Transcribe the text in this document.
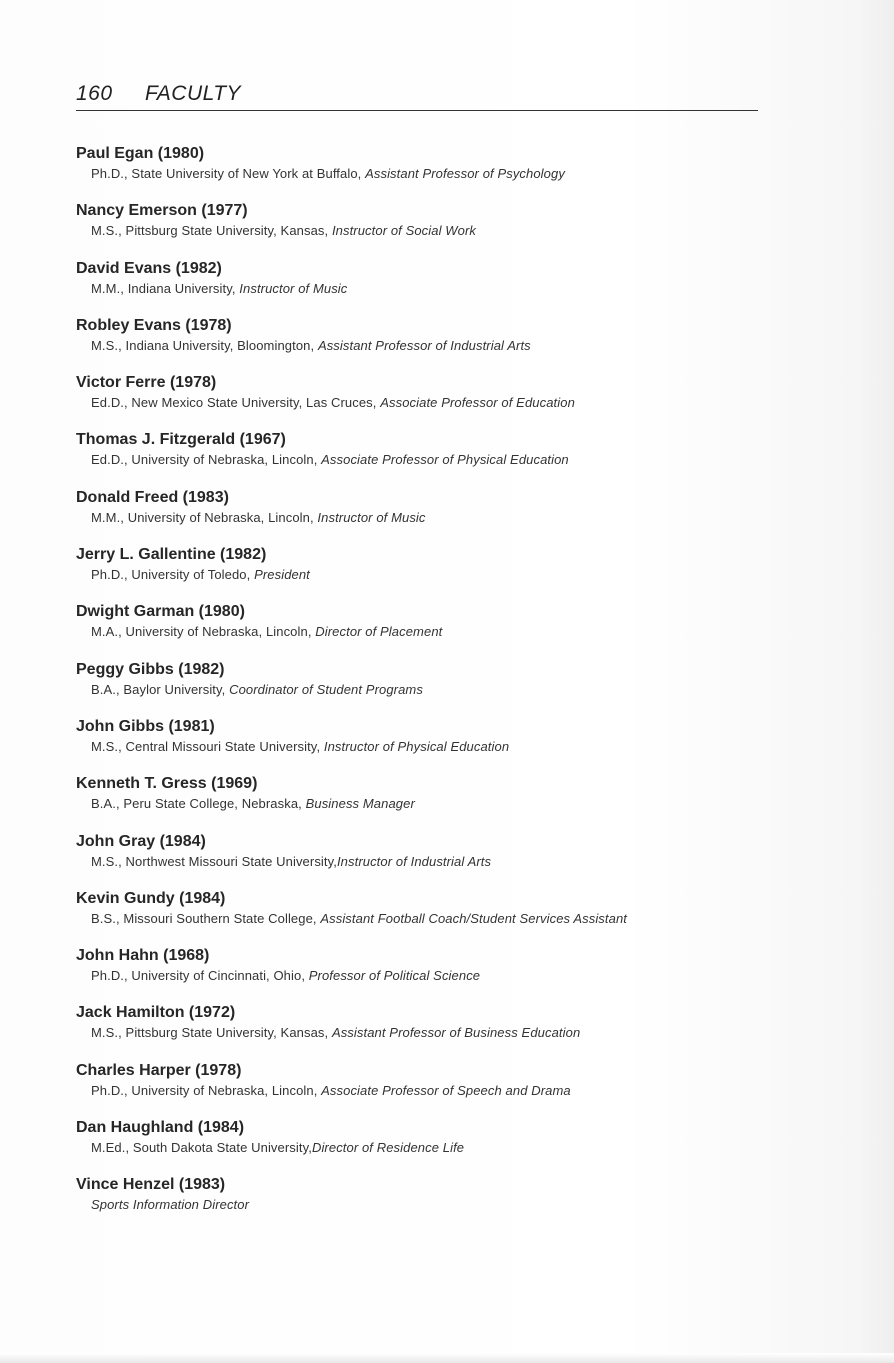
160 FACULTY
Paul Egan (1980)
Ph.D., State University of New York at Buffalo, Assistant Professor of Psychology
Nancy Emerson (1977)
M.S., Pittsburg State University, Kansas, Instructor of Social Work
David Evans (1982)
M.M., Indiana University, Instructor of Music
Robley Evans (1978)
M.S., Indiana University, Bloomington, Assistant Professor of Industrial Arts
Victor Ferre (1978)
Ed.D., New Mexico State University, Las Cruces, Associate Professor of Education
Thomas J. Fitzgerald (1967)
Ed.D., University of Nebraska, Lincoln, Associate Professor of Physical Education
Donald Freed (1983)
M.M., University of Nebraska, Lincoln, Instructor of Music
Jerry L. Gallentine (1982)
Ph.D., University of Toledo, President
Dwight Garman (1980)
M.A., University of Nebraska, Lincoln, Director of Placement
Peggy Gibbs (1982)
B.A., Baylor University, Coordinator of Student Programs
John Gibbs (1981)
M.S., Central Missouri State University, Instructor of Physical Education
Kenneth T. Gress (1969)
B.A., Peru State College, Nebraska, Business Manager
John Gray (1984)
M.S., Northwest Missouri State University,Instructor of Industrial Arts
Kevin Gundy (1984)
B.S., Missouri Southern State College, Assistant Football Coach/Student Services Assistant
John Hahn (1968)
Ph.D., University of Cincinnati, Ohio, Professor of Political Science
Jack Hamilton (1972)
M.S., Pittsburg State University, Kansas, Assistant Professor of Business Education
Charles Harper (1978)
Ph.D., University of Nebraska, Lincoln, Associate Professor of Speech and Drama
Dan Haughland (1984)
M.Ed., South Dakota State University,Director of Residence Life
Vince Henzel (1983)
Sports Information Director
